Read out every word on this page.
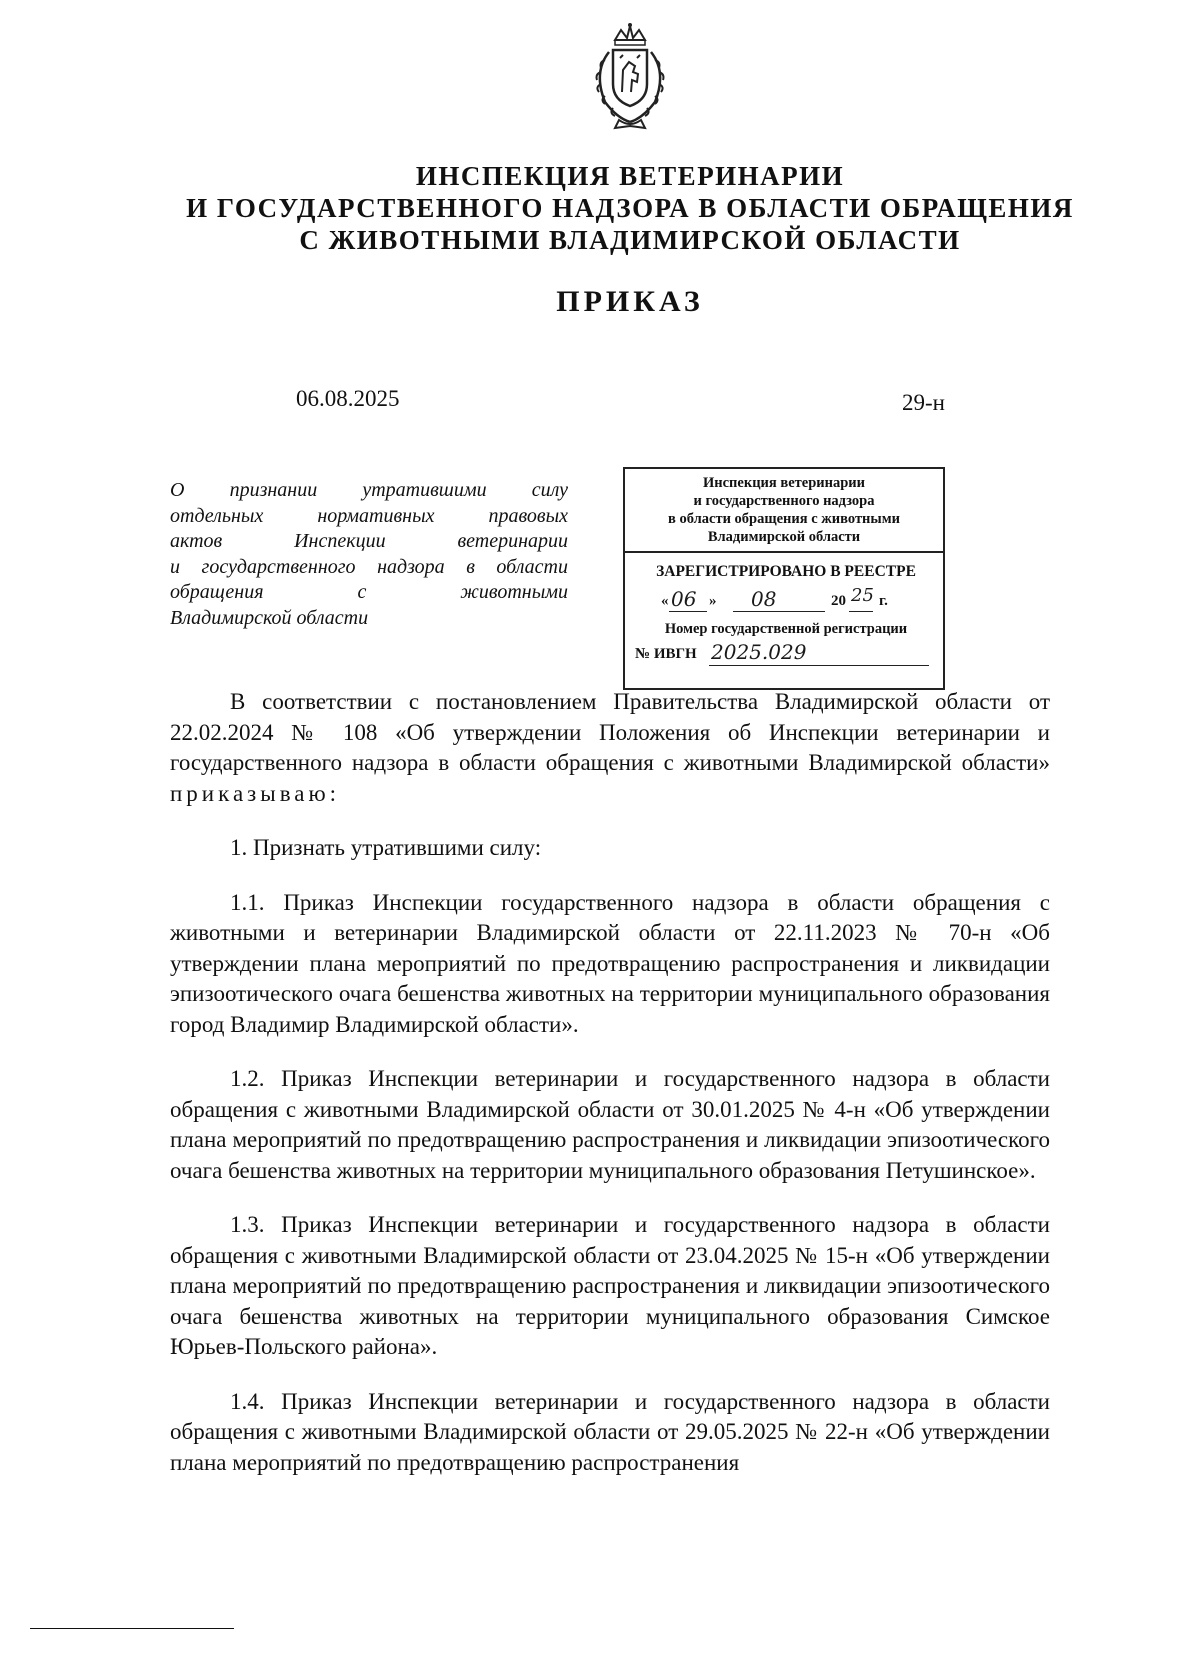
ИНСПЕКЦИЯ ВЕТЕРИНАРИИ
И ГОСУДАРСТВЕННОГО НАДЗОРА В ОБЛАСТИ ОБРАЩЕНИЯ
С ЖИВОТНЫМИ ВЛАДИМИРСКОЙ ОБЛАСТИ
ПРИКАЗ
06.08.2025	29-н
О признании утратившими силу
отдельных нормативных правовых
актов Инспекции ветеринарии
и государственного надзора в области
обращения с животными
Владимирской области
Инспекция ветеринарии
и государственного надзора
в области обращения с животными
Владимирской области
ЗАРЕГИСТРИРОВАНО В РЕЕСТРЕ
« 06 » 08	20 25 г.
Номер государственной регистрации
№ ИВГН 2025.029

В соответствии с постановлением Правительства Владимирской области от 22.02.2024 № 108 «Об утверждении Положения об Инспекции ветеринарии и государственного надзора в области обращения с животными Владимирской области» приказываю:

1. Признать утратившими силу:

1.1. Приказ Инспекции государственного надзора в области обращения с животными и ветеринарии Владимирской области от 22.11.2023 № 70-н «Об утверждении плана мероприятий по предотвращению распространения и ликвидации эпизоотического очага бешенства животных на территории муниципального образования город Владимир Владимирской области».

1.2. Приказ Инспекции ветеринарии и государственного надзора в области обращения с животными Владимирской области от 30.01.2025 № 4-н «Об утверждении плана мероприятий по предотвращению распространения и ликвидации эпизоотического очага бешенства животных на территории муниципального образования Петушинское».

1.3. Приказ Инспекции ветеринарии и государственного надзора в области обращения с животными Владимирской области от 23.04.2025 № 15-н «Об утверждении плана мероприятий по предотвращению распространения и ликвидации эпизоотического очага бешенства животных на территории муниципального образования Симское Юрьев-Польского района».

1.4. Приказ Инспекции ветеринарии и государственного надзора в области обращения с животными Владимирской области от 29.05.2025 № 22-н «Об утверждении плана мероприятий по предотвращению распространения
